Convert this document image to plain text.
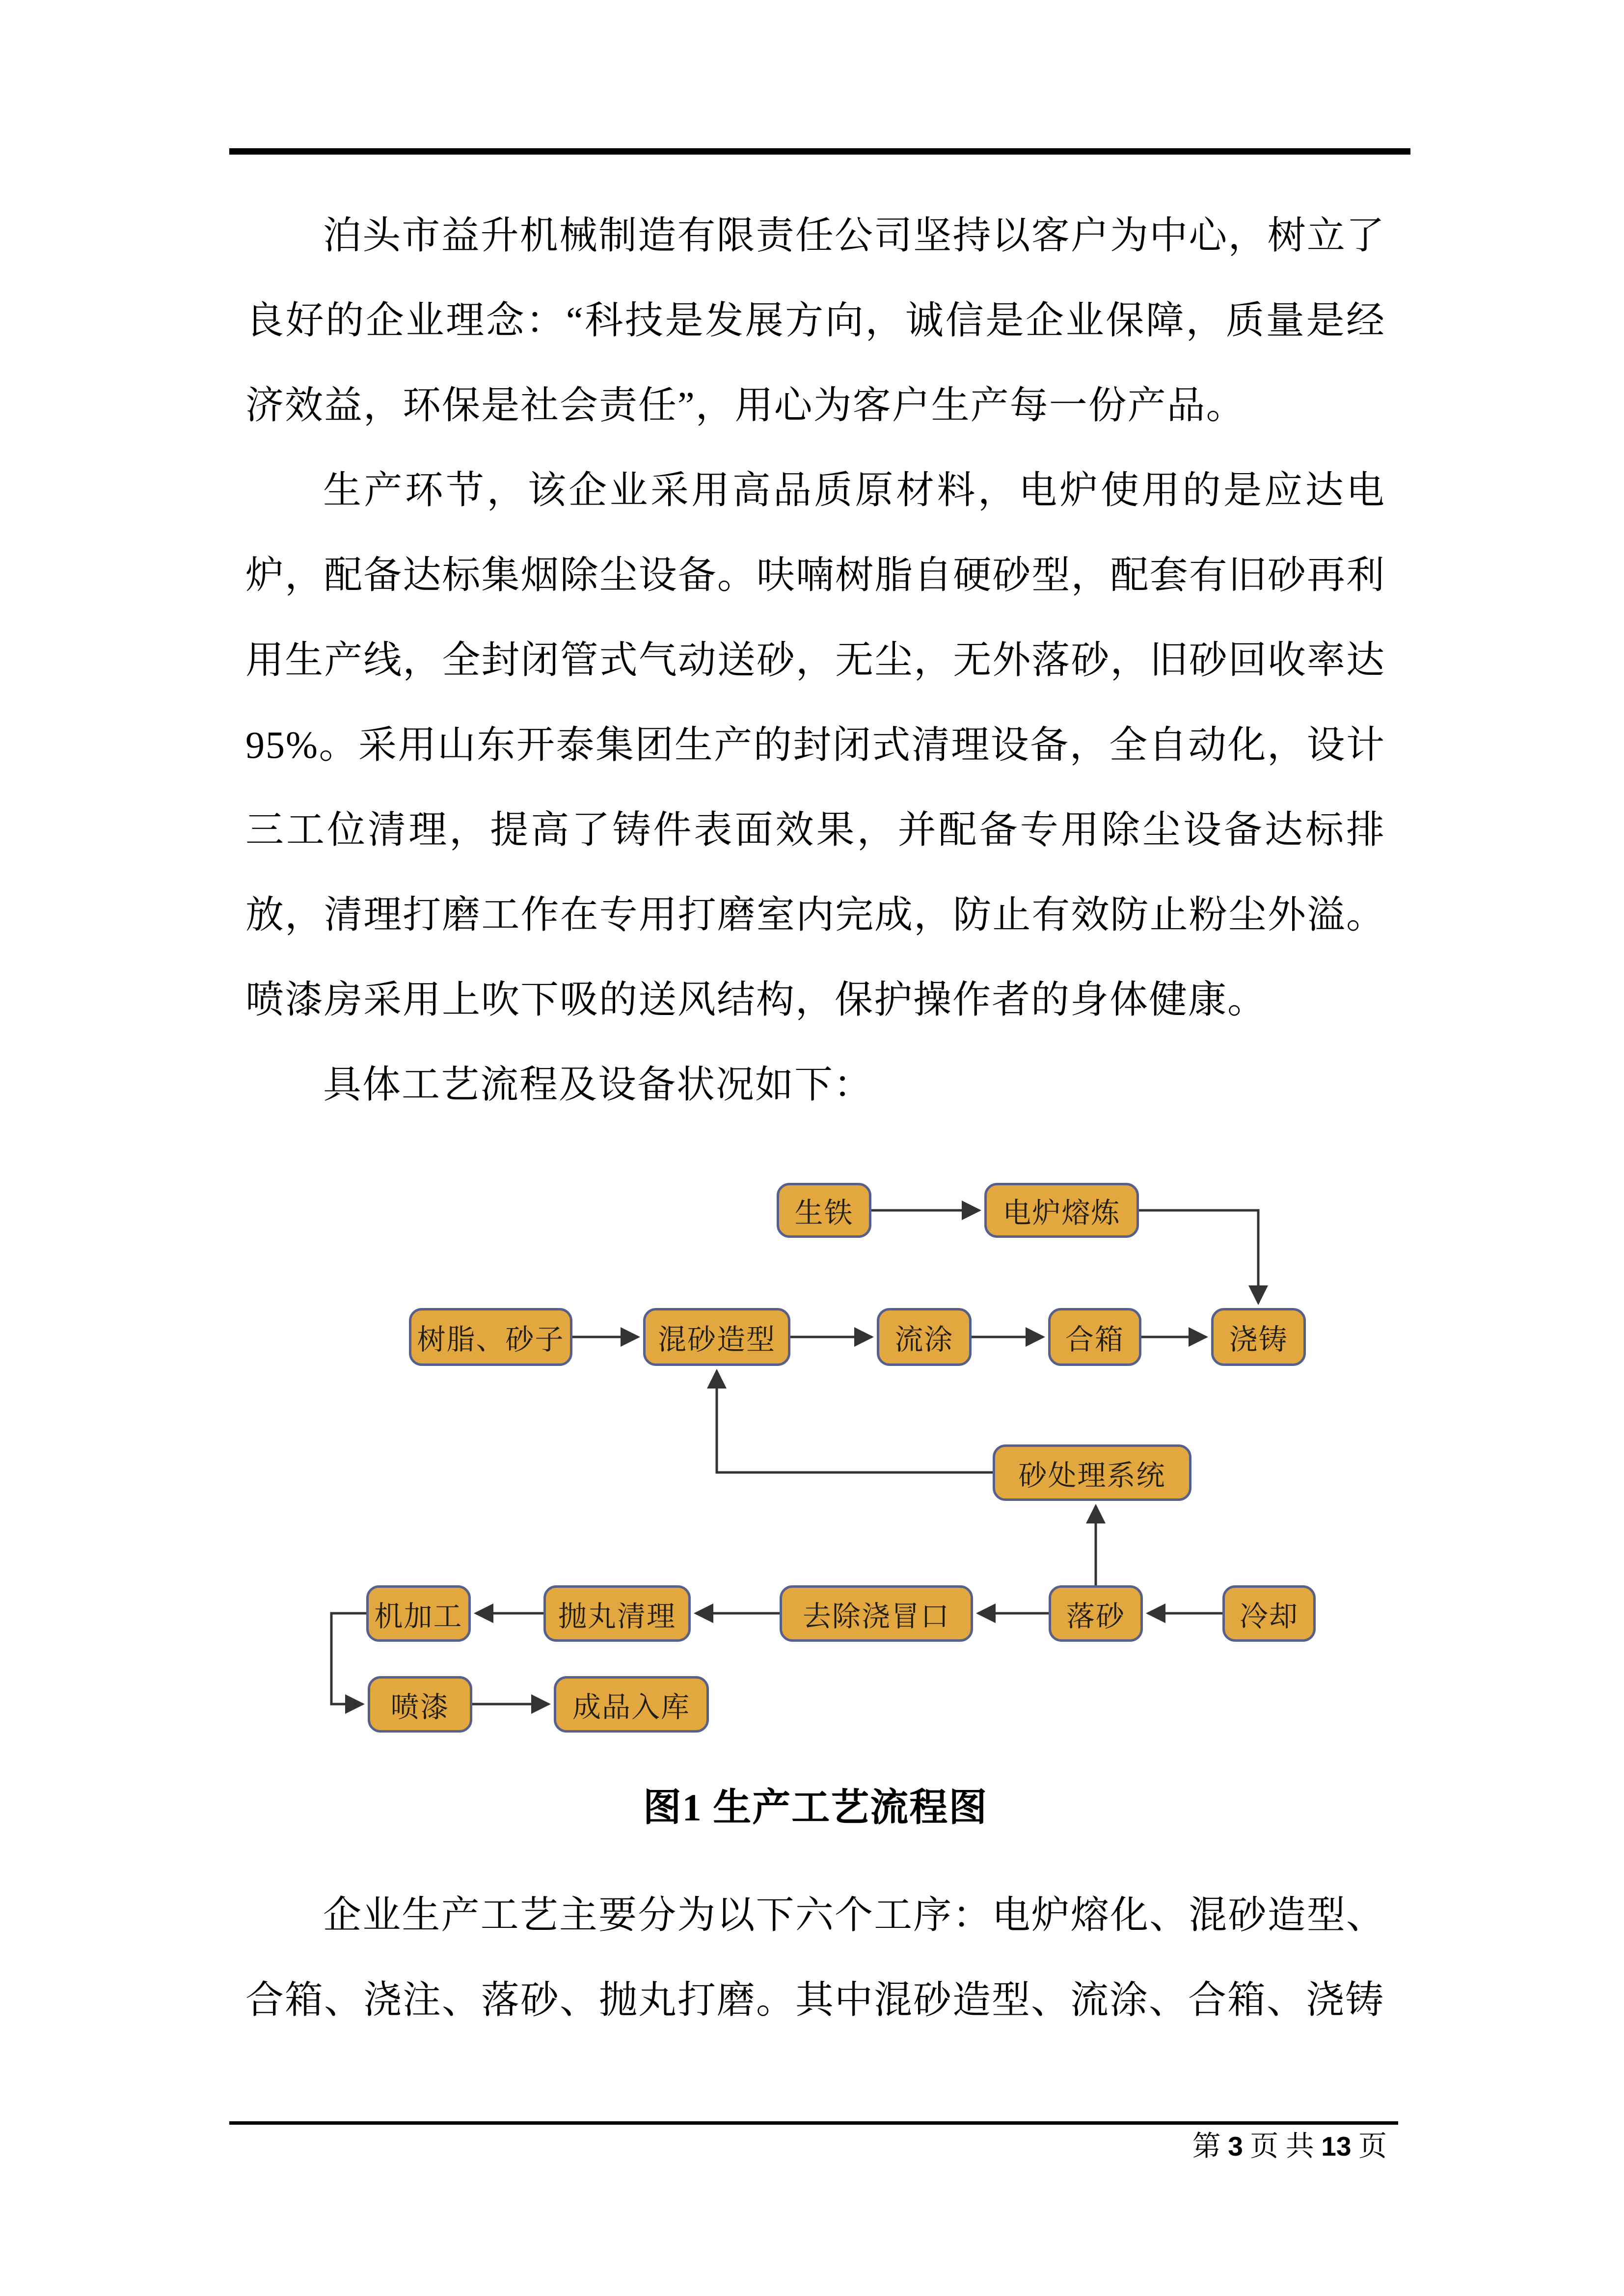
泊头市益升机械制造有限责任公司坚持以客户为中心，树立了良好的企业理念：“科技是发展方向，诚信是企业保障，质量是经济效益，环保是社会责任”，用心为客户生产每一份产品。

生产环节，该企业采用高品质原材料，电炉使用的是应达电炉，配备达标集烟除尘设备。呋喃树脂自硬砂型，配套有旧砂再利用生产线，全封闭管式气动送砂，无尘，无外落砂，旧砂回收率达95%。采用山东开泰集团生产的封闭式清理设备，全自动化，设计三工位清理，提高了铸件表面效果，并配备专用除尘设备达标排放，清理打磨工作在专用打磨室内完成，防止有效防止粉尘外溢。喷漆房采用上吹下吸的送风结构，保护操作者的身体健康。

具体工艺流程及设备状况如下：

生铁	电炉熔炼
树脂、砂子	混砂造型	流涂	合箱	浇铸
砂处理系统
机加工	抛丸清理	去除浇冒口	落砂	冷却
喷漆	成品入库
图1 生产工艺流程图

企业生产工艺主要分为以下六个工序：电炉熔化、混砂造型、合箱、浇注、落砂、抛丸打磨。其中混砂造型、流涂、合箱、浇铸

第 3 页 共 13 页
